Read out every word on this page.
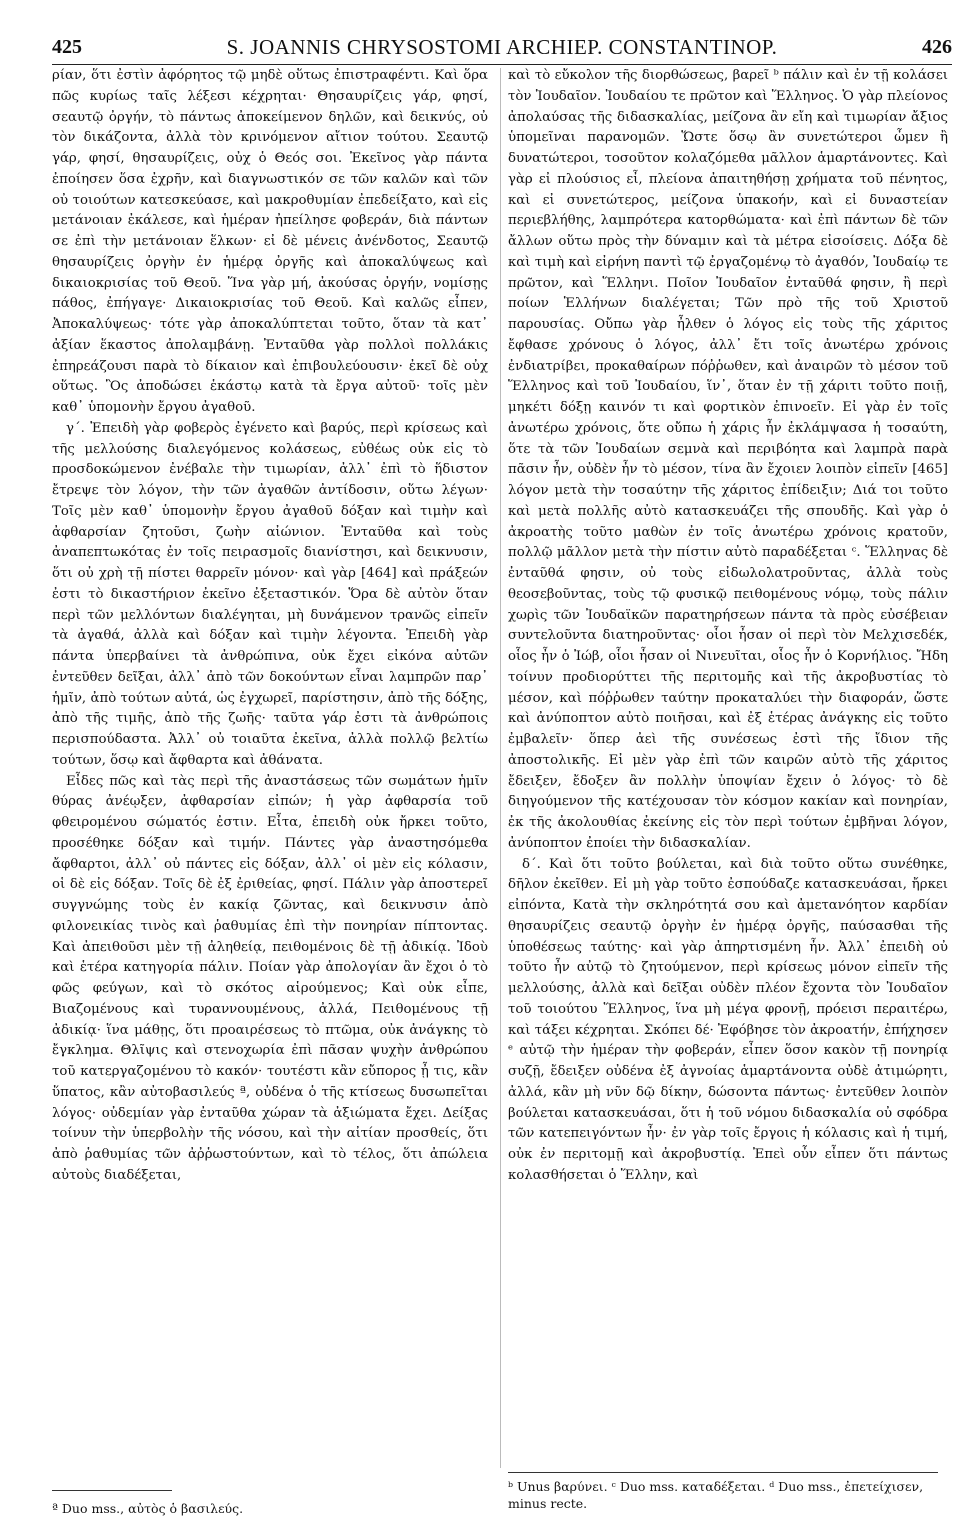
425	S. JOANNIS CHRYSOSTOMI ARCHIEP. CONSTANTINOP.	426

ρίαν, ὅτι ἐστὶν ἀφόρητος τῷ μηδὲ οὕτως ἐπιστραφέντι. Καὶ ὅρα πῶς κυρίως ταῖς λέξεσι κέχρηται· Θησαυρίζεις γάρ, φησί, σεαυτῷ ὀργήν, τὸ πάντως ἀποκείμενον δηλῶν, καὶ δεικνύς, οὐ τὸν δικάζοντα, ἀλλὰ τὸν κρινόμενον αἴτιον τούτου. Σεαυτῷ γάρ, φησί, θησαυρίζεις, οὐχ ὁ Θεός σοι. Ἐκεῖνος γὰρ πάντα ἐποίησεν ὅσα ἐχρῆν, καὶ διαγνωστικόν σε τῶν καλῶν καὶ τῶν οὐ τοιούτων κατεσκεύασε, καὶ μακροθυμίαν ἐπεδείξατο, καὶ εἰς μετάνοιαν ἐκάλεσε, καὶ ἡμέραν ἠπείλησε φοβεράν, διὰ πάντων σε ἐπὶ τὴν μετάνοιαν ἕλκων· εἰ δὲ μένεις ἀνένδοτος, Σεαυτῷ θησαυρίζεις ὀργὴν ἐν ἡμέρᾳ ὀργῆς καὶ ἀποκαλύψεως καὶ δικαιοκρισίας τοῦ Θεοῦ. Ἵνα γὰρ μή, ἀκούσας ὀργήν, νομίσῃς πάθος, ἐπήγαγε· Δικαιοκρισίας τοῦ Θεοῦ. Καὶ καλῶς εἶπεν, Ἀποκαλύψεως· τότε γὰρ ἀποκαλύπτεται τοῦτο, ὅταν τὰ κατ᾽ ἀξίαν ἕκαστος ἀπολαμβάνῃ. Ἐνταῦθα γὰρ πολλοὶ πολλάκις ἐπηρεάζουσι παρὰ τὸ δίκαιον καὶ ἐπιβουλεύουσιν· ἐκεῖ δὲ οὐχ οὕτως. Ὃς ἀποδώσει ἑκάστῳ κατὰ τὰ ἔργα αὐτοῦ· τοῖς μὲν καθ᾽ ὑπομονὴν ἔργου ἀγαθοῦ.

γ΄. Ἐπειδὴ γὰρ φοβερὸς ἐγένετο καὶ βαρύς, περὶ κρίσεως καὶ τῆς μελλούσης διαλεγόμενος κολάσεως, εὐθέως οὐκ εἰς τὸ προσδοκώμενον ἐνέβαλε τὴν τιμωρίαν, ἀλλ᾽ ἐπὶ τὸ ἥδιστον ἔτρεψε τὸν λόγον, τὴν τῶν ἀγαθῶν ἀντίδοσιν, οὕτω λέγων· Τοῖς μὲν καθ᾽ ὑπομονὴν ἔργου ἀγαθοῦ δόξαν καὶ τιμὴν καὶ ἀφθαρσίαν ζητοῦσι, ζωὴν αἰώνιον. Ἐνταῦθα καὶ τοὺς ἀναπεπτωκότας ἐν τοῖς πειρασμοῖς διανίστησι, καὶ δεικνυσιν, ὅτι οὐ χρὴ τῇ πίστει θαρρεῖν μόνον· καὶ γὰρ [464] καὶ πράξεών ἐστι τὸ δικαστήριον ἐκεῖνο ἐξεταστικόν. Ὅρα δὲ αὐτὸν ὅταν περὶ τῶν μελλόντων διαλέγηται, μὴ δυνάμενον τρανῶς εἰπεῖν τὰ ἀγαθά, ἀλλὰ καὶ δόξαν καὶ τιμὴν λέγοντα. Ἐπειδὴ γὰρ πάντα ὑπερβαίνει τὰ ἀνθρώπινα, οὐκ ἔχει εἰκόνα αὐτῶν ἐντεῦθεν δεῖξαι, ἀλλ᾽ ἀπὸ τῶν δοκούντων εἶναι λαμπρῶν παρ᾽ ἡμῖν, ἀπὸ τούτων αὐτά, ὡς ἐγχωρεῖ, παρίστησιν, ἀπὸ τῆς δόξης, ἀπὸ τῆς τιμῆς, ἀπὸ τῆς ζωῆς· ταῦτα γάρ ἐστι τὰ ἀνθρώποις περισπούδαστα. Ἀλλ᾽ οὐ τοιαῦτα ἐκεῖνα, ἀλλὰ πολλῷ βελτίω τούτων, ὅσῳ καὶ ἄφθαρτα καὶ ἀθάνατα.

Εἶδες πῶς καὶ τὰς περὶ τῆς ἀναστάσεως τῶν σωμάτων ἡμῖν θύρας ἀνέῳξεν, ἀφθαρσίαν εἰπών; ἡ γὰρ ἀφθαρσία τοῦ φθειρομένου σώματός ἐστιν. Εἶτα, ἐπειδὴ οὐκ ἤρκει τοῦτο, προσέθηκε δόξαν καὶ τιμήν. Πάντες γὰρ ἀναστησόμεθα ἄφθαρτοι, ἀλλ᾽ οὐ πάντες εἰς δόξαν, ἀλλ᾽ οἱ μὲν εἰς κόλασιν, οἱ δὲ εἰς δόξαν. Τοῖς δὲ ἐξ ἐριθείας, φησί. Πάλιν γὰρ ἀποστερεῖ συγγνώμης τοὺς ἐν κακίᾳ ζῶντας, καὶ δεικνυσιν ἀπὸ φιλονεικίας τινὸς καὶ ῥαθυμίας ἐπὶ τὴν πονηρίαν πίπτοντας. Καὶ ἀπειθοῦσι μὲν τῇ ἀληθείᾳ, πειθομένοις δὲ τῇ ἀδικίᾳ. Ἰδοὺ καὶ ἑτέρα κατηγορία πάλιν. Ποίαν γὰρ ἀπολογίαν ἂν ἔχοι ὁ τὸ φῶς φεύγων, καὶ τὸ σκότος αἱρούμενος; Καὶ οὐκ εἶπε, Βιαζομένους καὶ τυραννουμένους, ἀλλά, Πειθομένους τῇ ἀδικίᾳ· ἵνα μάθῃς, ὅτι προαιρέσεως τὸ πτῶμα, οὐκ ἀνάγκης τὸ ἔγκλημα. Θλῖψις καὶ στενοχωρία ἐπὶ πᾶσαν ψυχὴν ἀνθρώπου τοῦ κατεργαζομένου τὸ κακόν· τουτέστι κἂν εὔπορος ᾖ τις, κἂν ὕπατος, κἂν αὐτοβασιλεύς ª, οὐδένα ὁ τῆς κτίσεως δυσωπεῖται λόγος· οὐδεμίαν γὰρ ἐνταῦθα χώραν τὰ ἀξιώματα ἔχει. Δείξας τοίνυν τὴν ὑπερβολὴν τῆς νόσου, καὶ τὴν αἰτίαν προσθείς, ὅτι ἀπὸ ῥαθυμίας τῶν ἀῤῥωστούντων, καὶ τὸ τέλος, ὅτι ἀπώλεια αὐτοὺς διαδέξεται,

καὶ τὸ εὔκολον τῆς διορθώσεως, βαρεῖ ᵇ πάλιν καὶ ἐν τῇ κολάσει τὸν Ἰουδαῖον. Ἰουδαίου τε πρῶτον καὶ Ἕλληνος. Ὁ γὰρ πλείονος ἀπολαύσας τῆς διδασκαλίας, μείζονα ἂν εἴη καὶ τιμωρίαν ἄξιος ὑπομεῖναι παρανομῶν. Ὥστε ὅσῳ ἂν συνετώτεροι ὦμεν ἢ δυνατώτεροι, τοσοῦτον κολαζόμεθα μᾶλλον ἁμαρτάνοντες. Καὶ γὰρ εἰ πλούσιος εἶ, πλείονα ἀπαιτηθήσῃ χρήματα τοῦ πένητος, καὶ εἰ συνετώτερος, μείζονα ὑπακοήν, καὶ εἰ δυναστείαν περιεβλήθης, λαμπρότερα κατορθώματα· καὶ ἐπὶ πάντων δὲ τῶν ἄλλων οὕτω πρὸς τὴν δύναμιν καὶ τὰ μέτρα εἰσοίσεις. Δόξα δὲ καὶ τιμὴ καὶ εἰρήνη παντὶ τῷ ἐργαζομένῳ τὸ ἀγαθόν, Ἰουδαίῳ τε πρῶτον, καὶ Ἕλληνι. Ποῖον Ἰουδαῖον ἐνταῦθά φησιν, ἢ περὶ ποίων Ἑλλήνων διαλέγεται; Τῶν πρὸ τῆς τοῦ Χριστοῦ παρουσίας. Οὔπω γὰρ ἦλθεν ὁ λόγος εἰς τοὺς τῆς χάριτος ἔφθασε χρόνους ὁ λόγος, ἀλλ᾽ ἔτι τοῖς ἀνωτέρω χρόνοις ἐνδιατρίβει, προκαθαίρων πόῤῥωθεν, καὶ ἀναιρῶν τὸ μέσον τοῦ Ἕλληνος καὶ τοῦ Ἰουδαίου, ἵν᾽, ὅταν ἐν τῇ χάριτι τοῦτο ποιῇ, μηκέτι δόξῃ καινόν τι καὶ φορτικὸν ἐπινοεῖν. Εἰ γὰρ ἐν τοῖς ἀνωτέρω χρόνοις, ὅτε οὔπω ἡ χάρις ἦν ἐκλάμψασα ἡ τοσαύτη, ὅτε τὰ τῶν Ἰουδαίων σεμνὰ καὶ περιβόητα καὶ λαμπρὰ παρὰ πᾶσιν ἦν, οὐδὲν ἦν τὸ μέσον, τίνα ἂν ἔχοιεν λοιπὸν εἰπεῖν [465] λόγον μετὰ τὴν τοσαύτην τῆς χάριτος ἐπίδειξιν; Διά τοι τοῦτο καὶ μετὰ πολλῆς αὐτὸ κατασκευάζει τῆς σπουδῆς. Καὶ γὰρ ὁ ἀκροατὴς τοῦτο μαθὼν ἐν τοῖς ἀνωτέρω χρόνοις κρατοῦν, πολλῷ μᾶλλον μετὰ τὴν πίστιν αὐτὸ παραδέξεται ᶜ. Ἕλληνας δὲ ἐνταῦθά φησιν, οὐ τοὺς εἰδωλολατροῦντας, ἀλλὰ τοὺς θεοσεβοῦντας, τοὺς τῷ φυσικῷ πειθομένους νόμῳ, τοὺς πάλιν χωρὶς τῶν Ἰουδαϊκῶν παρατηρήσεων πάντα τὰ πρὸς εὐσέβειαν συντελοῦντα διατηροῦντας· οἷοι ἦσαν οἱ περὶ τὸν Μελχισεδέκ, οἷος ἦν ὁ Ἰώβ, οἷοι ἦσαν οἱ Νινευῖται, οἷος ἦν ὁ Κορνήλιος. Ἤδη τοίνυν προδιορύττει τῆς περιτομῆς καὶ τῆς ἀκροβυστίας τὸ μέσον, καὶ πόῤῥωθεν ταύτην προκαταλύει τὴν διαφοράν, ὥστε καὶ ἀνύποπτον αὐτὸ ποιῆσαι, καὶ ἐξ ἑτέρας ἀνάγκης εἰς τοῦτο ἐμβαλεῖν· ὅπερ ἀεὶ τῆς συνέσεως ἐστὶ τῆς ἴδιον τῆς ἀποστολικῆς. Εἰ μὲν γὰρ ἐπὶ τῶν καιρῶν αὐτὸ τῆς χάριτος ἔδειξεν, ἔδοξεν ἂν πολλὴν ὑποψίαν ἔχειν ὁ λόγος· τὸ δὲ διηγούμενον τῆς κατέχουσαν τὸν κόσμον κακίαν καὶ πονηρίαν, ἐκ τῆς ἀκολουθίας ἐκείνης εἰς τὸν περὶ τούτων ἐμβῆναι λόγον, ἀνύποπτον ἐποίει τὴν διδασκαλίαν.

δ΄. Καὶ ὅτι τοῦτο βούλεται, καὶ διὰ τοῦτο οὕτω συνέθηκε, δῆλον ἐκεῖθεν. Εἰ μὴ γὰρ τοῦτο ἐσπούδαζε κατασκευάσαι, ἤρκει εἰπόντα, Κατὰ τὴν σκληρότητά σου καὶ ἀμετανόητον καρδίαν θησαυρίζεις σεαυτῷ ὀργὴν ἐν ἡμέρᾳ ὀργῆς, παύσασθαι τῆς ὑποθέσεως ταύτης· καὶ γὰρ ἀπηρτισμένη ἦν. Ἀλλ᾽ ἐπειδὴ οὐ τοῦτο ἦν αὐτῷ τὸ ζητούμενον, περὶ κρίσεως μόνον εἰπεῖν τῆς μελλούσης, ἀλλὰ καὶ δεῖξαι οὐδὲν πλέον ἔχοντα τὸν Ἰουδαῖον τοῦ τοιούτου Ἕλληνος, ἵνα μὴ μέγα φρονῇ, πρόεισι περαιτέρω, καὶ τάξει κέχρηται. Σκόπει δέ· Ἐφόβησε τὸν ἀκροατήν, ἐπήχησεν ᵉ αὐτῷ τὴν ἡμέραν τὴν φοβεράν, εἶπεν ὅσον κακὸν τῇ πονηρίᾳ συζῇ, ἔδειξεν οὐδένα ἐξ ἀγνοίας ἁμαρτάνοντα οὐδὲ ἀτιμώρητι, ἀλλά, κἂν μὴ νῦν δῷ δίκην, δώσοντα πάντως· ἐντεῦθεν λοιπὸν βούλεται κατασκευάσαι, ὅτι ἡ τοῦ νόμου διδασκαλία οὐ σφόδρα τῶν κατεπειγόντων ἦν· ἐν γὰρ τοῖς ἔργοις ἡ κόλασις καὶ ἡ τιμή, οὐκ ἐν περιτομῇ καὶ ἀκροβυστίᾳ. Ἐπεὶ οὖν εἶπεν ὅτι πάντως κολασθήσεται ὁ Ἕλλην, καὶ

ª Duo mss., αὐτὸς ὁ βασιλεύς.
ᵇ Unus βαρύνει. ᶜ Duo mss. καταδέξεται. ᵈ Duo mss., ἐπετείχισεν, minus recte.
